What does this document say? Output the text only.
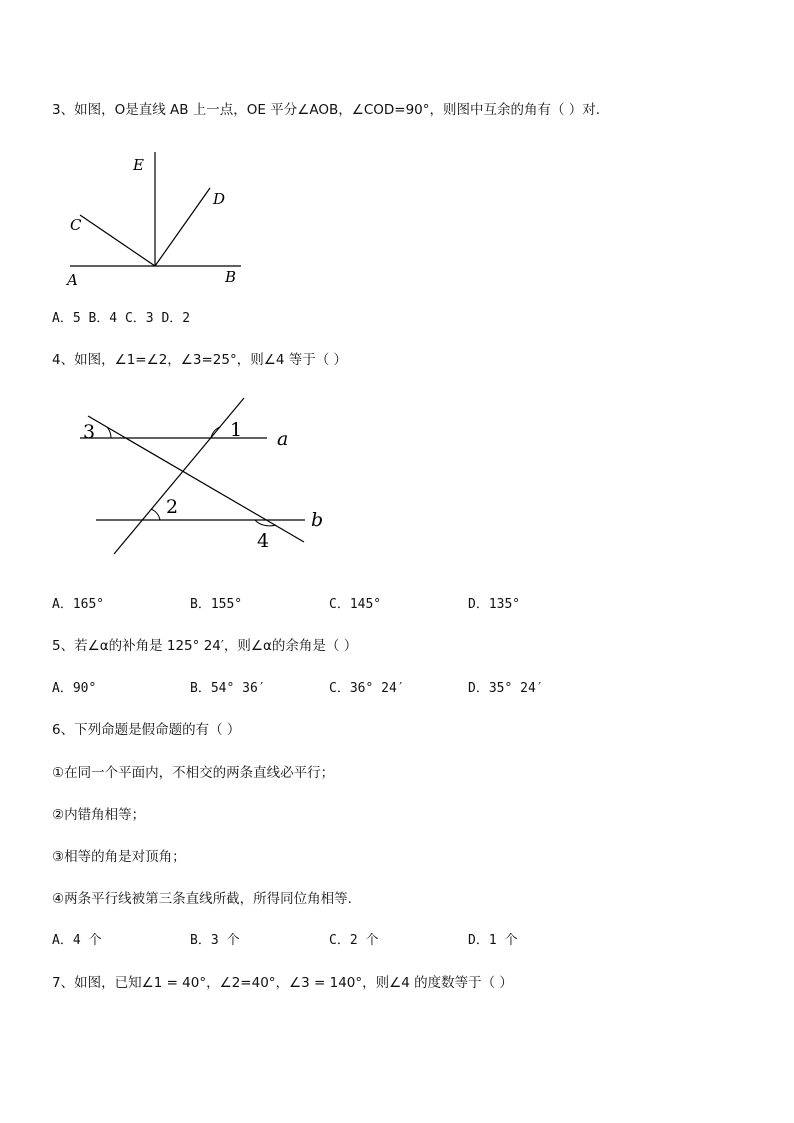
3、如图，O是直线 AB 上一点，OE 平分∠AOB，∠COD=90°，则图中互余的角有（ ）对.
E
D
C
A	B
A．5 B．4 C．3 D．2
4、如图，∠1=∠2，∠3=25°，则∠4 等于（ ）
1
2
3
4
a
b
A．165°	B．155°	C．145°	D．135°
5、若∠α的补角是 125° 24′，则∠α的余角是（ ）
A．90°	B．54° 36′	C．36° 24′	D．35° 24′
6、下列命题是假命题的有（ ）
①在同一个平面内，不相交的两条直线必平行；
②内错角相等；
③相等的角是对顶角；
④两条平行线被第三条直线所截，所得同位角相等.
A．4 个	B．3 个	C．2 个	D．1 个
7、如图，已知∠1 = 40°，∠2=40°，∠3 = 140°，则∠4 的度数等于（ ）
